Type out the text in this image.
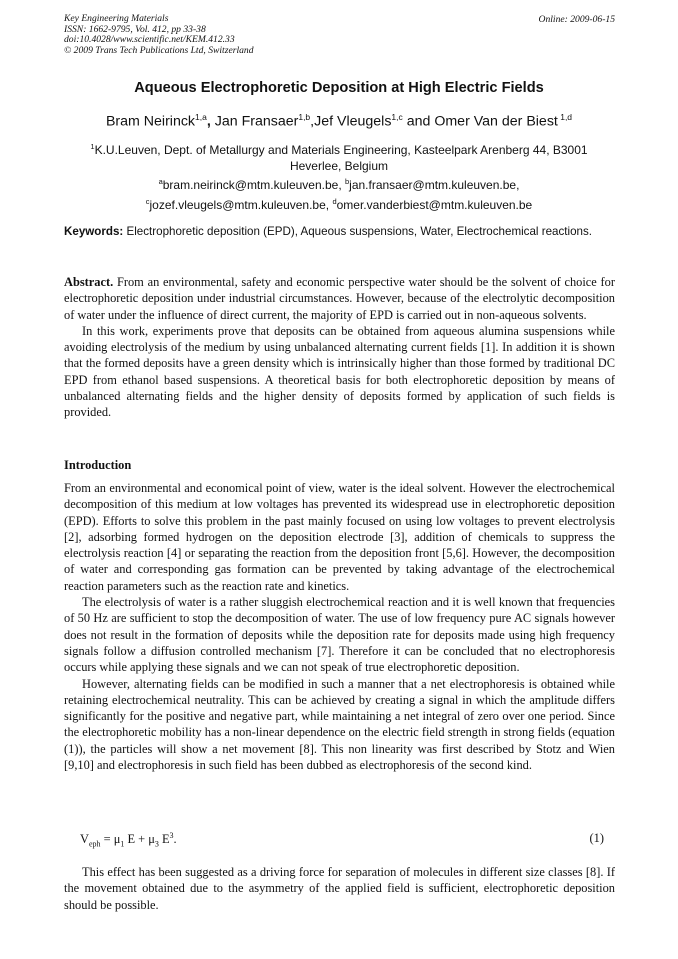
Key Engineering Materials
ISSN: 1662-9795, Vol. 412, pp 33-38
doi:10.4028/www.scientific.net/KEM.412.33
© 2009 Trans Tech Publications Ltd, Switzerland
Online: 2009-06-15
Aqueous Electrophoretic Deposition at High Electric Fields
Bram Neirinck$^{1,a}$, Jan Fransaer$^{1,b}$,Jef Vleugels$^{1,c}$ and Omer Van der Biest $^{1,d}$
$^1$K.U.Leuven, Dept. of Metallurgy and Materials Engineering, Kasteelpark Arenberg 44, B3001
Heverlee, Belgium
$^a$bram.neirinck@mtm.kuleuven.be, $^b$jan.fransaer@mtm.kuleuven.be,
$^c$jozef.vleugels@mtm.kuleuven.be, $^d$omer.vanderbiest@mtm.kuleuven.be
Keywords: Electrophoretic deposition (EPD), Aqueous suspensions, Water, Electrochemical reactions.

Abstract. From an environmental, safety and economic perspective water should be the solvent of choice for electrophoretic deposition under industrial circumstances. However, because of the electrolytic decomposition of water under the influence of direct current, the majority of EPD is carried out in non-aqueous solvents.

In this work, experiments prove that deposits can be obtained from aqueous alumina suspensions while avoiding electrolysis of the medium by using unbalanced alternating current fields [1]. In addition it is shown that the formed deposits have a green density which is intrinsically higher than those formed by traditional DC EPD from ethanol based suspensions. A theoretical basis for both electrophoretic deposition by means of unbalanced alternating fields and the higher density of deposits formed by application of such fields is provided.

Introduction

From an environmental and economical point of view, water is the ideal solvent. However the electrochemical decomposition of this medium at low voltages has prevented its widespread use in electrophoretic deposition (EPD). Efforts to solve this problem in the past mainly focused on using low voltages to prevent electrolysis [2], adsorbing formed hydrogen on the deposition electrode [3], addition of chemicals to suppress the electrolysis reaction [4] or separating the reaction from the deposition front [5,6]. However, the decomposition of water and corresponding gas formation can be prevented by taking advantage of the electrochemical reaction parameters such as the reaction rate and kinetics.

The electrolysis of water is a rather sluggish electrochemical reaction and it is well known that frequencies of 50 Hz are sufficient to stop the decomposition of water. The use of low frequency pure AC signals however does not result in the formation of deposits while the deposition rate for deposits made using high frequency signals follow a diffusion controlled mechanism [7]. Therefore it can be concluded that no electrophoresis occurs while applying these signals and we can not speak of true electrophoretic deposition.

However, alternating fields can be modified in such a manner that a net electrophoresis is obtained while retaining electrochemical neutrality. This can be achieved by creating a signal in which the amplitude differs significantly for the positive and negative part, while maintaining a net integral of zero over one period. Since the electrophoretic mobility has a non-linear dependence on the electric field strength in strong fields (equation (1)), the particles will show a net movement [8]. This non linearity was first described by Stotz and Wien [9,10] and electrophoresis in such field has been dubbed as electrophoresis of the second kind.

$V_{eph} = \mu_1$ $E + \mu_3$ $E^3$.	(1)

This effect has been suggested as a driving force for separation of molecules in different size classes [8]. If the movement obtained due to the asymmetry of the applied field is sufficient, electrophoretic deposition should be possible.
